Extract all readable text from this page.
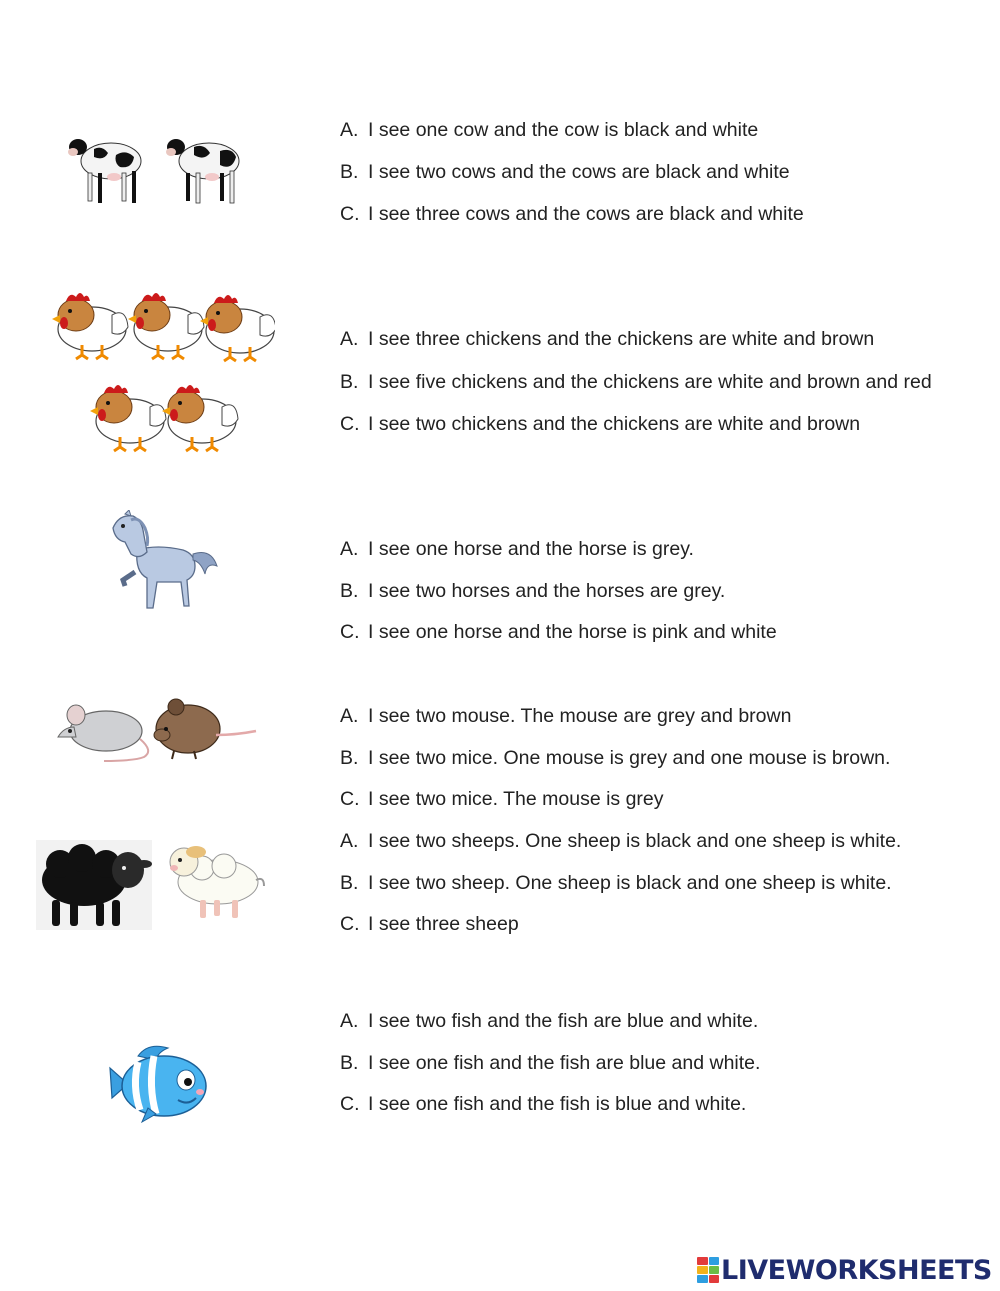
A. I see one cow and the cow is black and white
B. I see two cows and the cows are black and white
C. I see three cows and the cows are black and white
A. I see three chickens and the chickens are white and brown
B. I see five chickens and the chickens are white and brown and red
C. I see two chickens and the chickens are white and brown
A. I see one horse and the horse is grey.
B. I see two horses and the horses are grey.
C. I see one horse and the horse is pink and white
A. I see two mouse. The mouse are grey and brown
B. I see two mice. One mouse is grey and one mouse is brown.
C. I see two mice. The mouse is grey
A. I see two sheeps. One sheep is black and one sheep is white.
B. I see two sheep. One sheep is black and one sheep is white.
C. I see three sheep
A. I see two fish and the fish are blue and white.
B. I see one fish and the fish are blue and white.
C. I see one fish and the fish is blue and white.
LIVEWORKSHEETS
